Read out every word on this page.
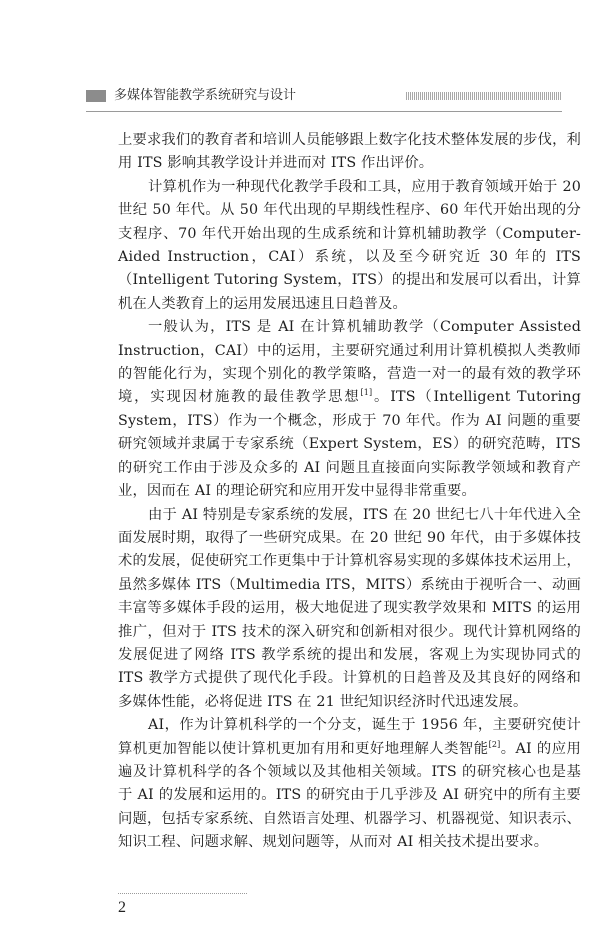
多媒体智能教学系统研究与设计

上要求我们的教育者和培训人员能够跟上数字化技术整体发展的步伐，利用 ITS 影响其教学设计并进而对 ITS 作出评价。

计算机作为一种现代化教学手段和工具，应用于教育领域开始于 20 世纪 50 年代。从 50 年代出现的早期线性程序、60 年代开始出现的分支程序、70 年代开始出现的生成系统和计算机辅助教学（Computer-Aided Instruction，CAI）系统，以及至今研究近 30 年的 ITS（Intelligent Tutoring System，ITS）的提出和发展可以看出，计算机在人类教育上的运用发展迅速且日趋普及。

一般认为，ITS 是 AI 在计算机辅助教学（Computer Assisted Instruction，CAI）中的运用，主要研究通过利用计算机模拟人类教师的智能化行为，实现个别化的教学策略，营造一对一的最有效的教学环境，实现因材施教的最佳教学思想[1]。ITS（Intelligent Tutoring System，ITS）作为一个概念，形成于 70 年代。作为 AI 问题的重要研究领域并隶属于专家系统（Expert System，ES）的研究范畴，ITS 的研究工作由于涉及众多的 AI 问题且直接面向实际教学领域和教育产业，因而在 AI 的理论研究和应用开发中显得非常重要。

由于 AI 特别是专家系统的发展，ITS 在 20 世纪七八十年代进入全面发展时期，取得了一些研究成果。在 20 世纪 90 年代，由于多媒体技术的发展，促使研究工作更集中于计算机容易实现的多媒体技术运用上，虽然多媒体 ITS（Multimedia ITS，MITS）系统由于视听合一、动画丰富等多媒体手段的运用，极大地促进了现实教学效果和 MITS 的运用推广，但对于 ITS 技术的深入研究和创新相对很少。现代计算机网络的发展促进了网络 ITS 教学系统的提出和发展，客观上为实现协同式的 ITS 教学方式提供了现代化手段。计算机的日趋普及及其良好的网络和多媒体性能，必将促进 ITS 在 21 世纪知识经济时代迅速发展。

AI，作为计算机科学的一个分支，诞生于 1956 年，主要研究使计算机更加智能以使计算机更加有用和更好地理解人类智能[2]。AI 的应用遍及计算机科学的各个领域以及其他相关领域。ITS 的研究核心也是基于 AI 的发展和运用的。ITS 的研究由于几乎涉及 AI 研究中的所有主要问题，包括专家系统、自然语言处理、机器学习、机器视觉、知识表示、知识工程、问题求解、规划问题等，从而对 AI 相关技术提出要求。

2
